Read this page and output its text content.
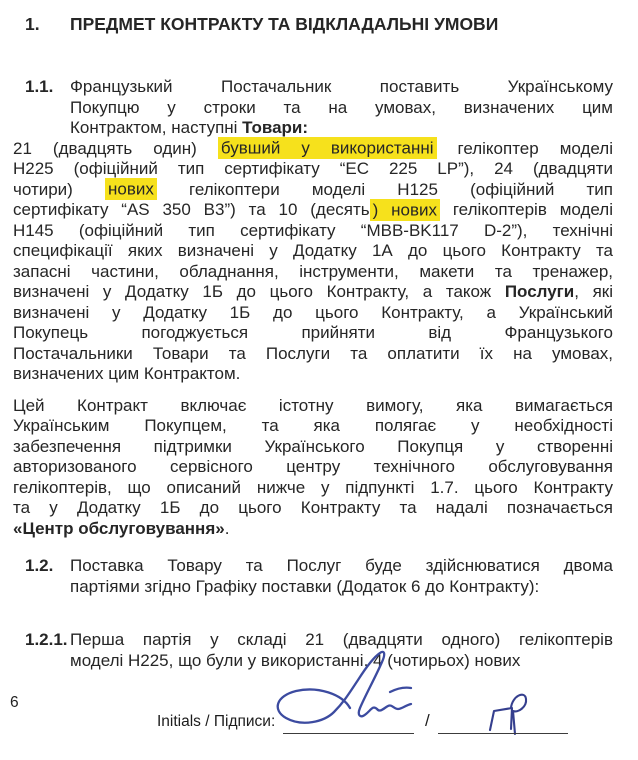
1.	ПРЕДМЕТ КОНТРАКТУ ТА ВІДКЛАДАЛЬНІ УМОВИ
1.1. Французький Постачальник поставить Українському
Покупцю у строки та на умовах, визначених цим
Контрактом, наступні Товари:
21 (двадцять один) бувший у використанні гелікоптер моделі
H225 (офіційний тип сертифікату “EC 225 LP”), 24 (двадцяти
чотири) нових гелікоптери моделі H125 (офіційний тип
сертифікату “AS 350 B3”) та 10 (десять ) нових гелікоптерів моделі
H145 (офіційний тип сертифікату “MBB-BK117 D-2”), технічні
специфікації яких визначені у Додатку 1А до цього Контракту та
запасні частини, обладнання, інструменти, макети та тренажер,
визначені у Додатку 1Б до цього Контракту, а також Послуги, які
визначені у Додатку 1Б до цього Контракту, а Український
Покупець погоджується прийняти від Французького
Постачальники Товари та Послуги та оплатити їх на умовах,
визначених цим Контрактом.
Цей Контракт включає істотну вимогу, яка вимагається
Українським Покупцем, та яка полягає у необхідності
забезпечення підтримки Українського Покупця у створенні
авторизованого сервісного центру технічного обслуговування
гелікоптерів, що описаний нижче у підпункті 1.7. цього Контракту
та у Додатку 1Б до цього Контракту та надалі позначається
«Центр обслуговування».
1.2. Поставка Товару та Послуг буде здійснюватися двома
партіями згідно Графіку поставки (Додаток 6 до Контракту):
1.2.1. Перша партія у складі 21 (двадцяти одного) гелікоптерів
моделі H225, що були у використанні, 4 (чотирьох) нових
6
Initials / Підписи:	/
